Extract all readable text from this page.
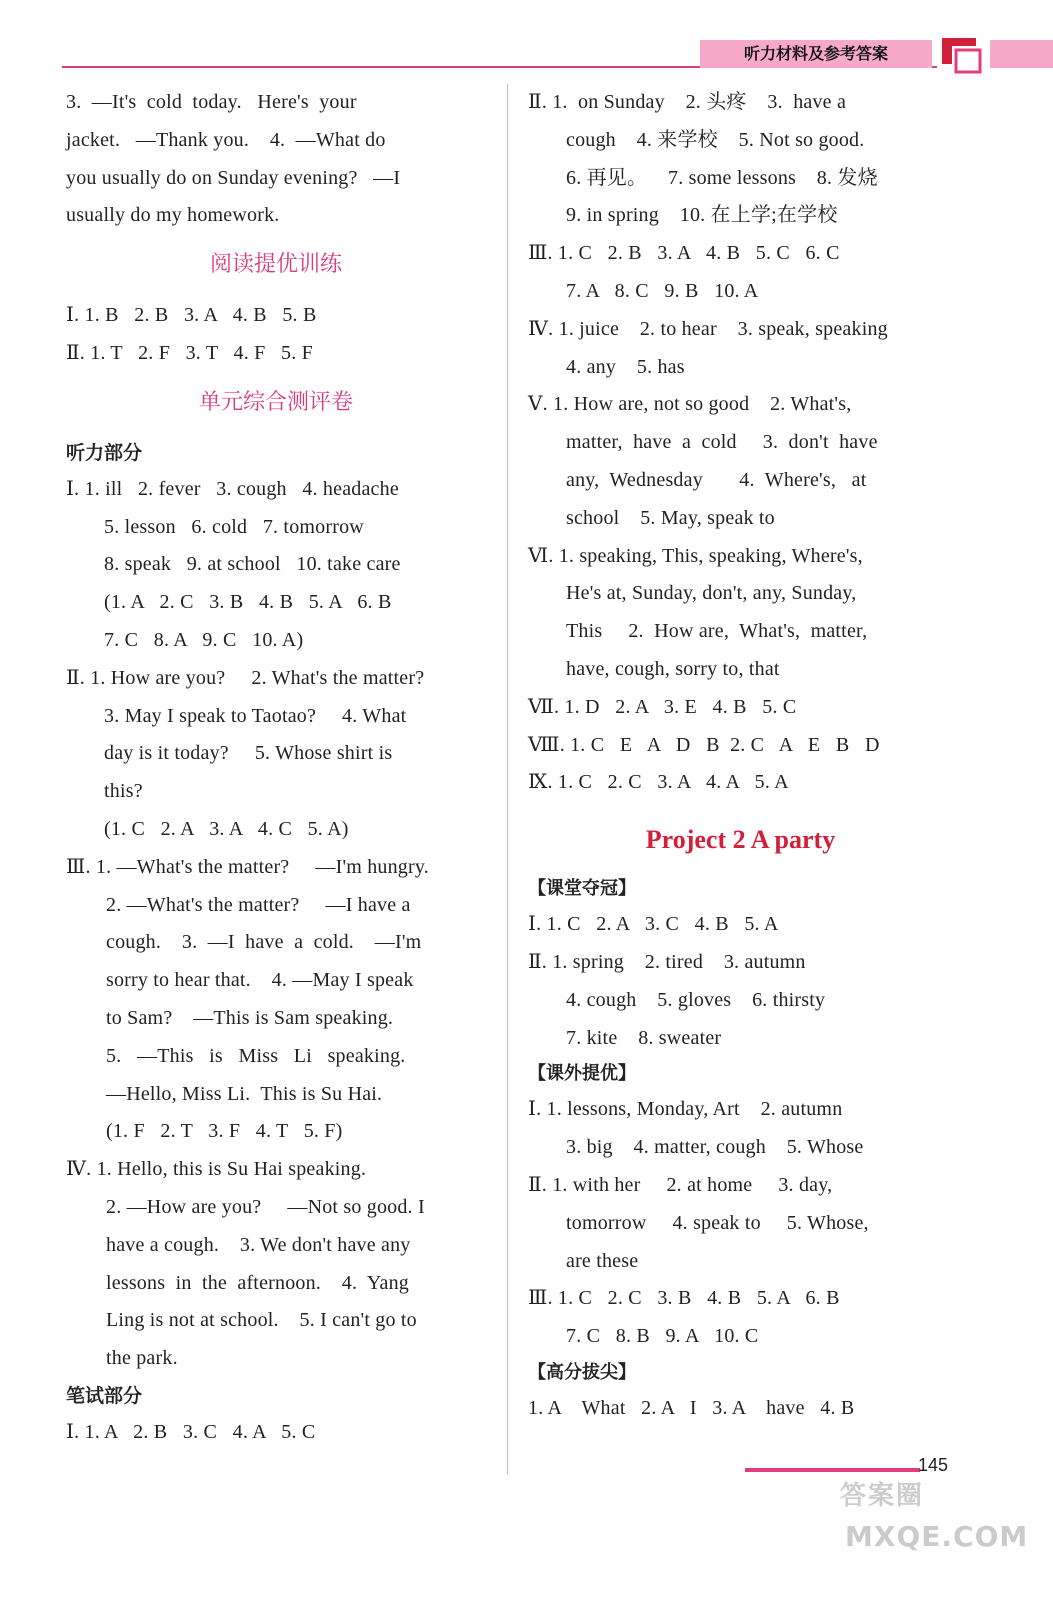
听力材料及参考答案
3.  —It's  cold  today.   Here's  your
jacket.   —Thank you.    4.  —What do
you usually do on Sunday evening?   —I
usually do my homework.
阅读提优训练
Ⅰ. 1. B   2. B   3. A   4. B   5. B
Ⅱ. 1. T   2. F   3. T   4. F   5. F
单元综合测评卷
听力部分
Ⅰ. 1. ill   2. fever   3. cough   4. headache
5. lesson   6. cold   7. tomorrow
8. speak   9. at school   10. take care
(1. A   2. C   3. B   4. B   5. A   6. B
7. C   8. A   9. C   10. A)
Ⅱ. 1. How are you?     2. What's the matter?
3. May I speak to Taotao?     4. What
day is it today?     5. Whose shirt is
this?
(1. C   2. A   3. A   4. C   5. A)
Ⅲ. 1. —What's the matter?     —I'm hungry.
2. —What's the matter?     —I have a
cough.    3.  —I  have  a  cold.    —I'm
sorry to hear that.    4. —May I speak
to Sam?    —This is Sam speaking.
5.   —This   is   Miss   Li   speaking.
—Hello, Miss Li.  This is Su Hai.
(1. F   2. T   3. F   4. T   5. F)
Ⅳ. 1. Hello, this is Su Hai speaking.
2. —How are you?     —Not so good. I
have a cough.    3. We don't have any
lessons  in  the  afternoon.    4.  Yang
Ling is not at school.    5. I can't go to
the park.
笔试部分
Ⅰ. 1. A   2. B   3. C   4. A   5. C
Ⅱ. 1.  on Sunday    2. 头疼    3.  have a
cough    4. 来学校    5. Not so good.
6. 再见。    7. some lessons    8. 发烧
9. in spring    10. 在上学;在学校
Ⅲ. 1. C   2. B   3. A   4. B   5. C   6. C
7. A   8. C   9. B   10. A
Ⅳ. 1. juice    2. to hear    3. speak, speaking
4. any    5. has
Ⅴ. 1. How are, not so good    2. What's,
matter,  have  a  cold     3.  don't  have
any,  Wednesday       4.  Where's,   at
school    5. May, speak to
Ⅵ. 1. speaking, This, speaking, Where's,
He's at, Sunday, don't, any, Sunday,
This     2.  How are,  What's,  matter,
have, cough, sorry to, that
Ⅶ. 1. D   2. A   3. E   4. B   5. C
Ⅷ. 1. C   E   A   D   B  2. C   A   E   B   D
Ⅸ. 1. C   2. C   3. A   4. A   5. A
Project 2 A party
【课堂夺冠】
Ⅰ. 1. C   2. A   3. C   4. B   5. A
Ⅱ. 1. spring    2. tired    3. autumn
4. cough    5. gloves    6. thirsty
7. kite    8. sweater
【课外提优】
Ⅰ. 1. lessons, Monday, Art    2. autumn
3. big    4. matter, cough    5. Whose
Ⅱ. 1. with her     2. at home     3. day,
tomorrow     4. speak to     5. Whose,
are these
Ⅲ. 1. C   2. C   3. B   4. B   5. A   6. B
7. C   8. B   9. A   10. C
【高分拔尖】
1. A    What   2. A   I   3. A    have   4. B
145
答案圈
MXQE.COM
